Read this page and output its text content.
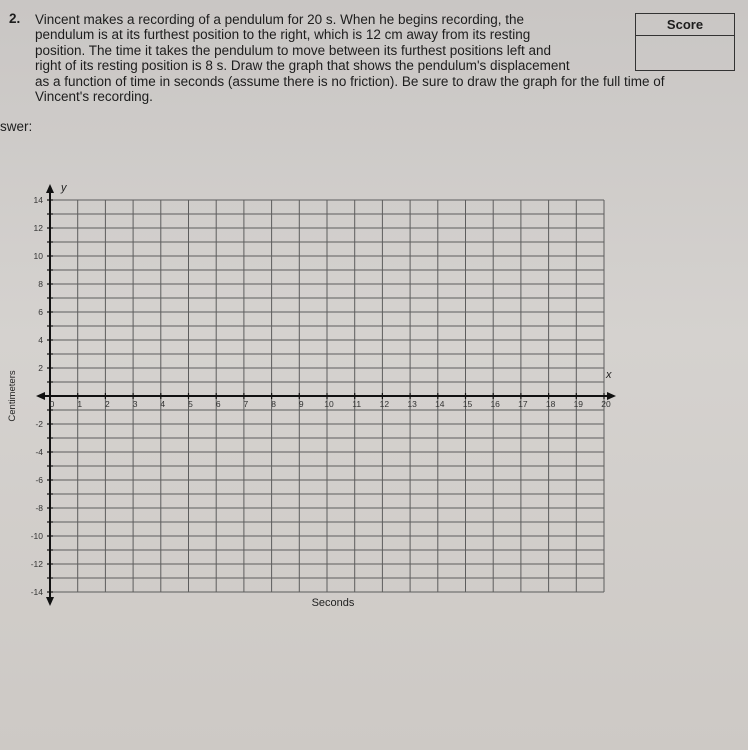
2. Vincent makes a recording of a pendulum for 20 s. When he begins recording, the
pendulum is at its furthest position to the right, which is 12 cm away from its resting
position. The time it takes the pendulum to move between its furthest positions left and
right of its resting position is 8 s. Draw the graph that shows the pendulum's displacement
as a function of time in seconds (assume there is no friction). Be sure to draw the graph for the full time of
Vincent's recording.
Score
swer:
0	1	2	3	4	5	6	7	8	9 10 11 12 13 14 15 16 17 18 19 20
14
12
10
8
6
4
2
-2
-4
-6
-8
-10
-12
-14
x
y
Seconds
Centimeters
